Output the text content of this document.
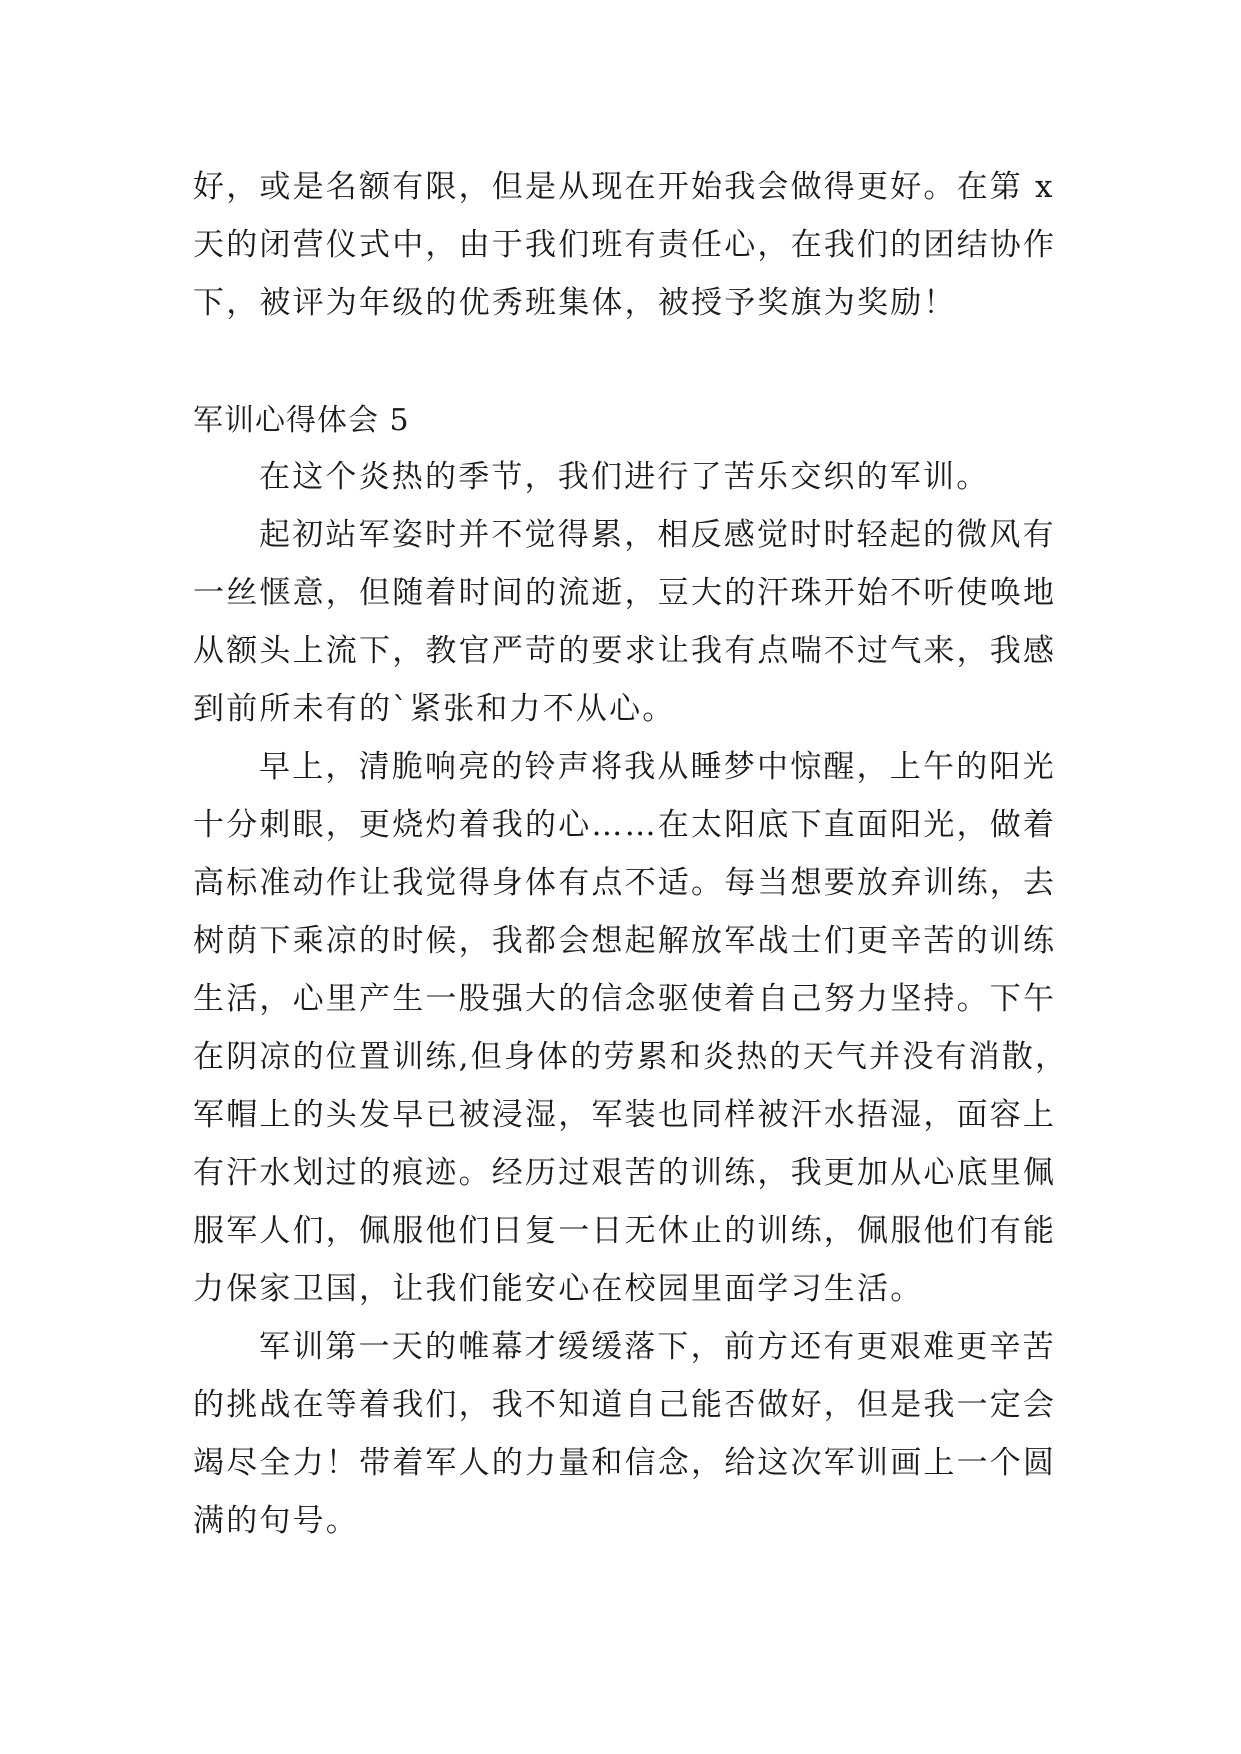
好，或是名额有限，但是从现在开始我会做得更好。在第 x
天的闭营仪式中，由于我们班有责任心，在我们的团结协作
下，被评为年级的优秀班集体，被授予奖旗为奖励！
军训心得体会 5
在这个炎热的季节，我们进行了苦乐交织的军训。
起初站军姿时并不觉得累，相反感觉时时轻起的微风有
一丝惬意，但随着时间的流逝，豆大的汗珠开始不听使唤地
从额头上流下，教官严苛的要求让我有点喘不过气来，我感
到前所未有的`紧张和力不从心。
早上，清脆响亮的铃声将我从睡梦中惊醒，上午的阳光
十分刺眼，更烧灼着我的心……在太阳底下直面阳光，做着
高标准动作让我觉得身体有点不适。每当想要放弃训练，去
树荫下乘凉的时候，我都会想起解放军战士们更辛苦的训练
生活，心里产生一股强大的信念驱使着自己努力坚持。下午
在阴凉的位置训练,但身体的劳累和炎热的天气并没有消散，
军帽上的头发早已被浸湿，军装也同样被汗水捂湿，面容上
有汗水划过的痕迹。经历过艰苦的训练，我更加从心底里佩
服军人们，佩服他们日复一日无休止的训练，佩服他们有能
力保家卫国，让我们能安心在校园里面学习生活。
军训第一天的帷幕才缓缓落下，前方还有更艰难更辛苦
的挑战在等着我们，我不知道自己能否做好，但是我一定会
竭尽全力！带着军人的力量和信念，给这次军训画上一个圆
满的句号。
